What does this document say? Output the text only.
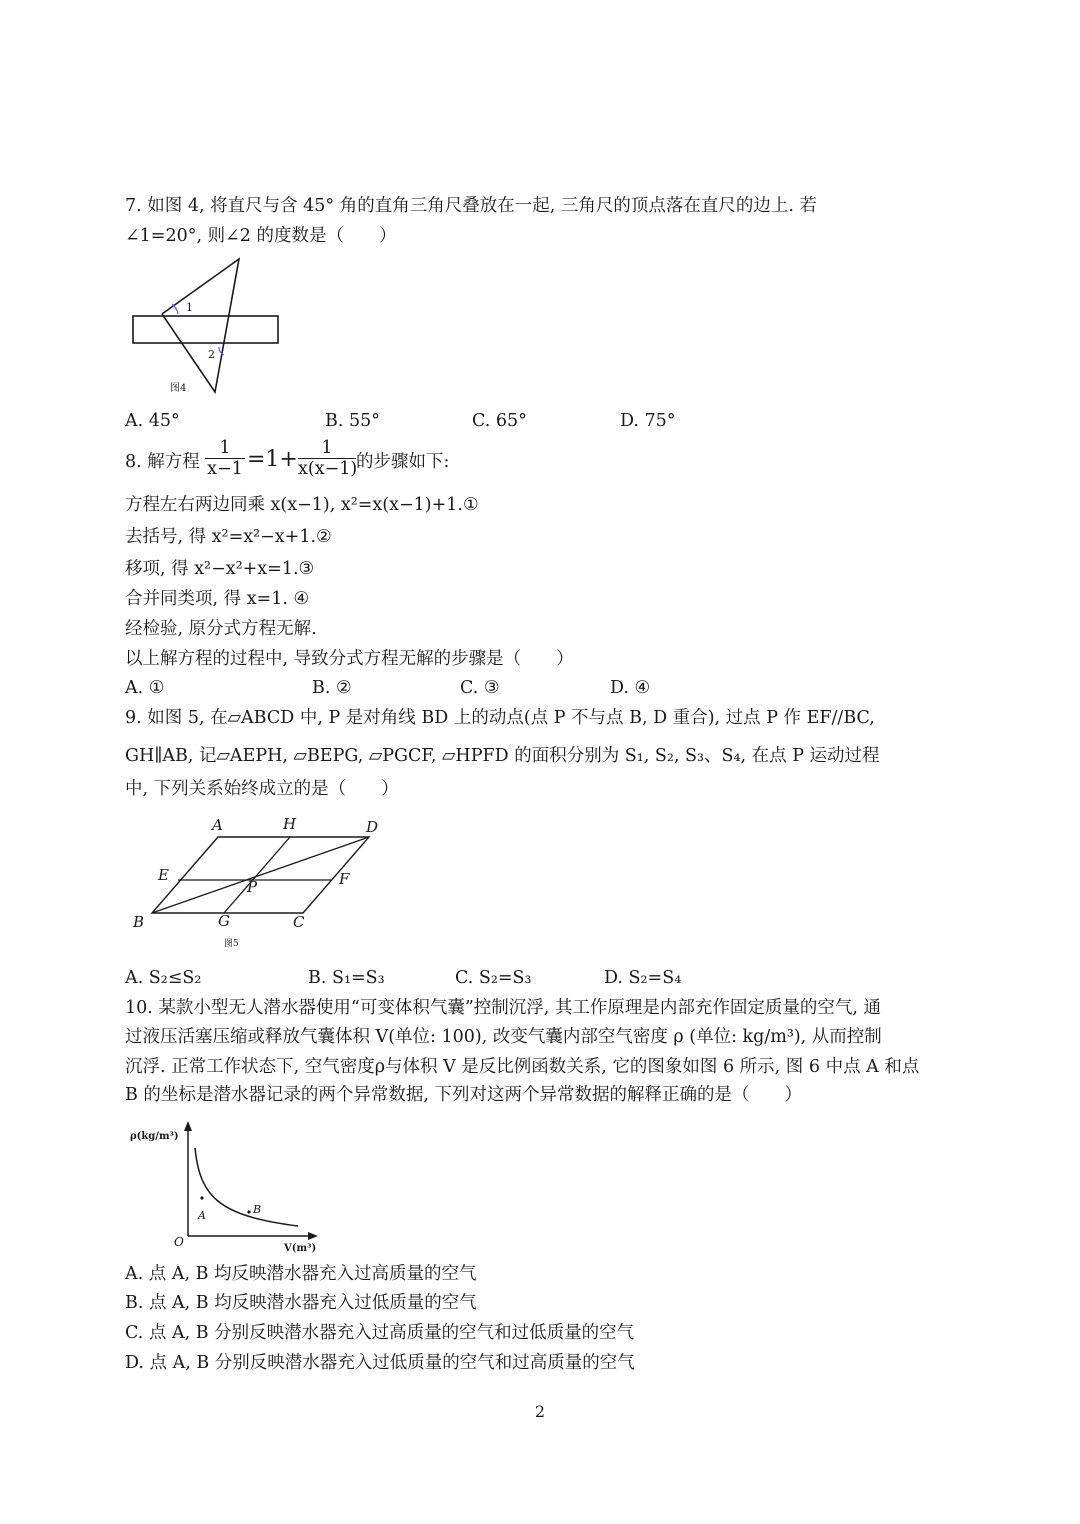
7. 如图 4, 将直尺与含 45° 角的直角三角尺叠放在一起, 三角尺的顶点落在直尺的边上. 若
∠1=20°, 则∠2 的度数是（　　）
1
2
图4
A. 45°	B. 55°	C. 65°	D. 75°
8. 解方程
1
x−1 =1+	1
x(x−1)
的步骤如下:
方程左右两边同乘 x(x−1), x²=x(x−1)+1.①
去括号, 得 x²=x²−x+1.②
移项, 得 x²−x²+x=1.③
合并同类项, 得 x=1. ④
经检验, 原分式方程无解.
以上解方程的过程中, 导致分式方程无解的步骤是（　　）
A. ①	B. ②	C. ③	D. ④
9. 如图 5, 在▱ABCD 中, P 是对角线 BD 上的动点(点 P 不与点 B, D 重合), 过点 P 作 EF//BC,
GH∥AB, 记▱AEPH, ▱BEPG, ▱PGCF, ▱HPFD 的面积分别为 S₁, S₂, S₃、S₄, 在点 P 运动过程
中, 下列关系始终成立的是（　　）
A	H	D
E
P	F
B	G	C
图5
A. S₂≤S₂	B. S₁=S₃	C. S₂=S₃	D. S₂=S₄
10. 某款小型无人潜水器使用“可变体积气囊”控制沉浮, 其工作原理是内部充作固定质量的空气, 通
过液压活塞压缩或释放气囊体积 V(单位: 100), 改变气囊内部空气密度 ρ (单位: kg/m³), 从而控制
沉浮. 正常工作状态下, 空气密度ρ与体积 V 是反比例函数关系, 它的图象如图 6 所示, 图 6 中点 A 和点
B 的坐标是潜水器记录的两个异常数据, 下列对这两个异常数据的解释正确的是（　　）
A	B
ρ(kg/m³)
V(m³)
O
A. 点 A, B 均反映潜水器充入过高质量的空气
B. 点 A, B 均反映潜水器充入过低质量的空气
C. 点 A, B 分别反映潜水器充入过高质量的空气和过低质量的空气
D. 点 A, B 分别反映潜水器充入过低质量的空气和过高质量的空气
2
